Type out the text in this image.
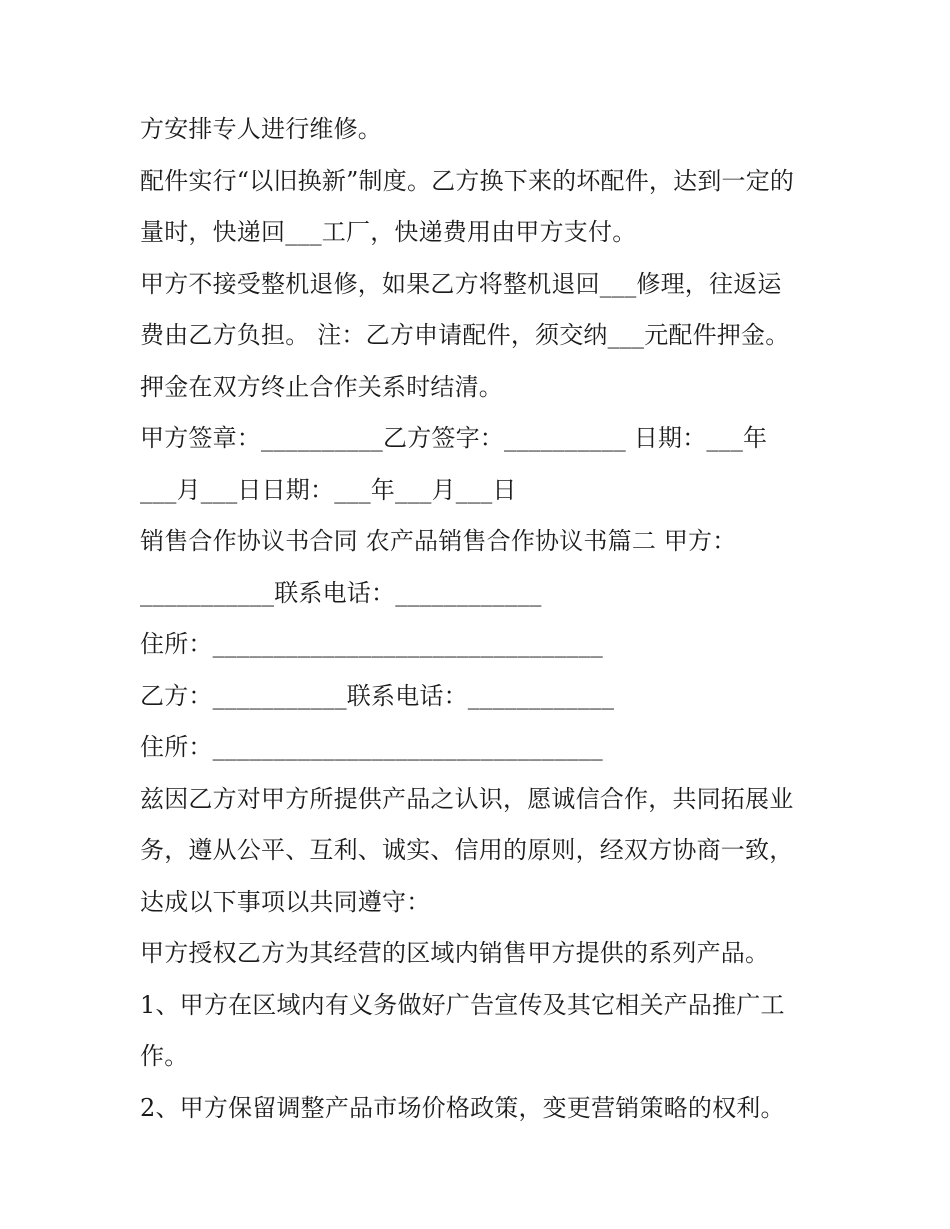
方安排专人进行维修。
配件实行“以旧换新”制度。乙方换下来的坏配件，达到一定的
量时，快递回___工厂，快递费用由甲方支付。
甲方不接受整机退修，如果乙方将整机退回___修理，往返运
费由乙方负担。 注：乙方申请配件，须交纳___元配件押金。
押金在双方终止合作关系时结清。
甲方签章：__________乙方签字：__________ 日期：___年
___月___日日期：___年___月___日
销售合作协议书合同 农产品销售合作协议书篇二 甲方：
___________联系电话：____________
住所：________________________________
乙方：___________联系电话：____________
住所：________________________________
兹因乙方对甲方所提供产品之认识，愿诚信合作，共同拓展业
务，遵从公平、互利、诚实、信用的原则，经双方协商一致，
达成以下事项以共同遵守：
甲方授权乙方为其经营的区域内销售甲方提供的系列产品。
1、甲方在区域内有义务做好广告宣传及其它相关产品推广工
作。
2、甲方保留调整产品市场价格政策，变更营销策略的权利。
